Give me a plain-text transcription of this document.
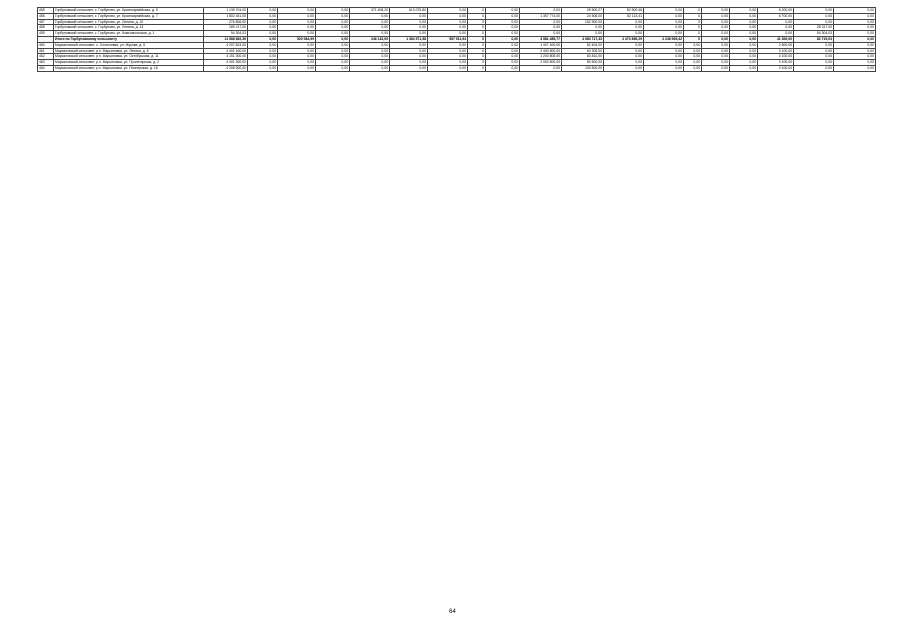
455	Горбуновский сельсовет, с. Горбуново, ул. Красноармейская, д. 5	1 135 704,00	0,00	0,00	0,00	371 408,20	613 075,80	0,00	0	0,00	0,00	25 500,27	82 900,46	0,00	0	0,00	0,00	6 200,00	0,00	0,00
456	Горбуновский сельсовет, с. Горбуново, ул. Красноармейская, д. 7	1 802 451,00	0,00	0,00	0,00	0,00	0,00	0,00	0	0,00	1 357 774,00	24 508,00	82 113,41	0,00	0	0,00	0,00	6 700,00	0,00	0,00
457	Горбуновский сельсовет, с. Горбуново, ул. Ленина, д. 10	276 806,00	0,00	0,00	0,00	0,00	0,00	0,00	0	0,00	0,00	152 900,00	0,00	0,00	0	0,00	0,00	0,00	0,00	0,00
458	Горбуновский сельсовет, с. Горбуново, ул. Ленина, д. 13	189 217,00	0,00	0,00	0,00	0,00	0,00	0,00	0	0,00	0,00	0,00	0,00	0,00	0	0,00	0,00	0,00	28 317,00	0,00
459	Горбуновский сельсовет, с. Горбуново, ул. Комсомольская, д. 1	54 304,03	0,00	0,00	0,00	0,00	0,00	0,00	0	0,00	0,00	0,00	0,00	0,00	0	0,00	0,00	0,00	54 304,03	0,00
	Итого по Горбуновскому сельсовету	11 588 662,39	0,00	520 084,99	0,00	246 132,09	1 364 571,58	557 911,94	0	0,00	3 581 485,77	4 983 717,33	2 373 656,29	2 248 005,42	0	0,00	0,00	41 300,00	82 715,03	0,00
460	Марьяновский сельсовет, с. Хлопотовка, ул. Жукова, д. 5	4 207 824,00	0,00	0,00	0,00	0,00	0,00	0,00	0	0,00	1 407 400,00	82 404,00	0,00	0,00	0,00	0,00	0,00	2 600,00	0,00	0,00
461	Марьяновский сельсовет, р.п. Марьяновка, ул. Ленина, д. 8	4 401 160,00	0,00	0,00	0,00	0,00	0,00	0,00	0	0,00	2 400 500,00	60 305,00	0,00	0,00	0,00	0,00	0,00	3 100,00	0,00	0,00
462	Марьяновский сельсовет, р.п. Марьяновка, ул. Октябрьская, д. 11	4 151 300,00	0,00	0,00	0,00	0,00	0,00	0,00	0	0,00	1 200 805,00	83 810,00	0,00	0,00	0,00	0,00	0,00	3 100,00	0,00	0,00
463	Марьяновский сельсовет, р.п. Марьяновка, ул. Пролетарская, д. 2	4 401 300,00	0,00	0,00	0,00	0,00	0,00	0,00	0	0,00	2 000 500,00	80 500,00	0,00	0,00	0,00	0,00	0,00	3 100,00	0,00	0,00
464	Марьяновский сельсовет, р.п. Марьяновка, ул. Пионерская, д. 16	4 208 900,00	0,00	0,00	0,00	0,00	0,00	0,00	0	0,00	0,00	100 500,00	0,00	0,00	0,00	0,00	0,00	3 100,00	0,00	0,00
64
